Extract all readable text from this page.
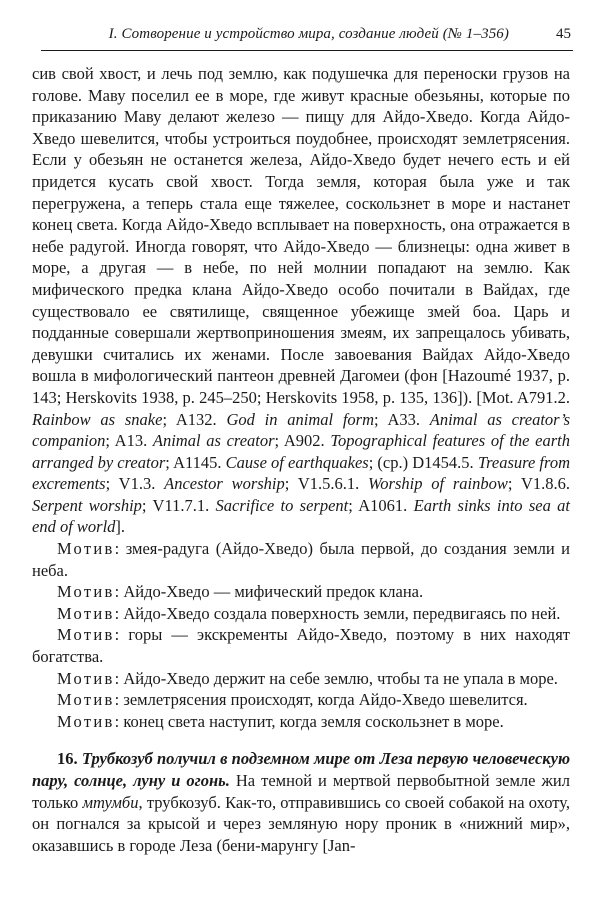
I. Сотворение и устройство мира, создание людей (№ 1–356)	45

сив свой хвост, и лечь под землю, как подушечка для переноски грузов на голове. Маву поселил ее в море, где живут красные обезьяны, которые по приказанию Маву делают железо — пищу для Айдо-Хведо. Когда Айдо-Хведо шевелится, чтобы устроиться поудобнее, происходят землетрясения. Если у обезьян не останется железа, Айдо-Хведо будет нечего есть и ей придется кусать свой хвост. Тогда земля, которая была уже и так перегружена, а теперь стала еще тяжелее, соскользнет в море и настанет конец света. Когда Айдо-Хведо всплывает на поверхность, она отражается в небе радугой. Иногда говорят, что Айдо-Хведо — близнецы: одна живет в море, а другая — в небе, по ней молнии попадают на землю. Как мифического предка клана Айдо-Хведо особо почитали в Вайдах, где существовало ее святилище, священное убежище змей боа. Царь и подданные совершали жертвоприношения змеям, их запрещалось убивать, девушки считались их женами. После завоевания Вайдах Айдо-Хведо вошла в мифологический пантеон древней Дагомеи (фон [Hazoumé 1937, p. 143; Herskovits 1938, p. 245–250; Herskovits 1958, p. 135, 136]). [Mot. A791.2. Rainbow as snake; A132. God in animal form; A33. Animal as creator’s companion; A13. Animal as creator; A902. Topographical features of the earth arranged by creator; A1145. Cause of earthquakes; (cp.) D1454.5. Treasure from excrements; V1.3. Ancestor worship; V1.5.6.1. Worship of rainbow; V1.8.6. Serpent worship; V11.7.1. Sacrifice to serpent; A1061. Earth sinks into sea at end of world].

Мотив: змея-радуга (Айдо-Хведо) была первой, до создания земли и неба.

Мотив: Айдо-Хведо — мифический предок клана.

Мотив: Айдо-Хведо создала поверхность земли, передвигаясь по ней.

Мотив: горы — экскременты Айдо-Хведо, поэтому в них находят богатства.

Мотив: Айдо-Хведо держит на себе землю, чтобы та не упала в море.

Мотив: землетрясения происходят, когда Айдо-Хведо шевелится.

Мотив: конец света наступит, когда земля соскользнет в море.

16. Трубкозуб получил в подземном мире от Леза первую человеческую пару, солнце, луну и огонь. На темной и мертвой первобытной земле жил только мтумби, трубкозуб. Как-то, отправившись со своей собакой на охоту, он погнался за крысой и через земляную нору проник в «нижний мир», оказавшись в городе Леза (бени-марунгу [Jan-
